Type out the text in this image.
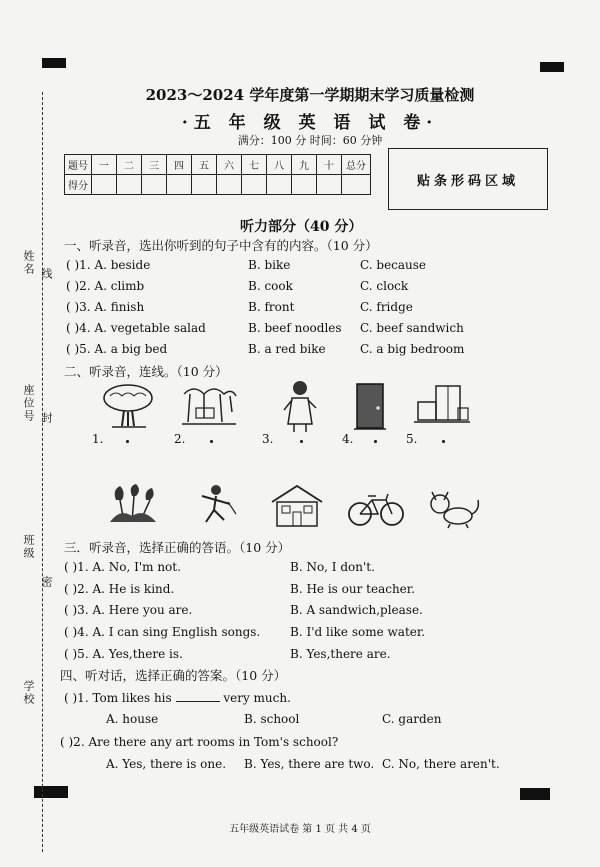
2023～2024 学年度第一学期期末学习质量检测
·五 年 级 英 语 试 卷·
满分：100 分 时间：60 分钟
题号	一	二	三	四	五	六	七	八	九	十	总分
得分												贴条形码区域
姓名 线
座位号 封
班级
密
学校
听力部分（40 分）
一、听录音，选出你听到的句子中含有的内容。（10 分）
( )1. A. beside	B. bike	C. because
( )2. A. climb	B. cook	C. clock
( )3. A. finish	B. front	C. fridge
( )4. A. vegetable salad	B. beef noodles C. beef sandwich
( )5. A. a big bed	B. a red bike	C. a big bedroom
二、听录音，连线。（10 分）
1.	2.	3.	4.	5.
三．听录音，选择正确的答语。（10 分）
( )1. A. No, I'm not.	B. No, I don't.
( )2. A. He is kind.	B. He is our teacher.
( )3. A. Here you are.	B. A sandwich,please.
( )4. A. I can sing English songs. B. I'd like some water.
( )5. A. Yes,there is.	B. Yes,there are.
四、听对话，选择正确的答案。（10 分）
( )1. Tom likes his	very much.
A. house	B. school	C. garden
( )2. Are there any art rooms in Tom's school?
A. Yes, there is one. B. Yes, there are two. C. No, there aren't.
五年级英语试卷 第 1 页 共 4 页
